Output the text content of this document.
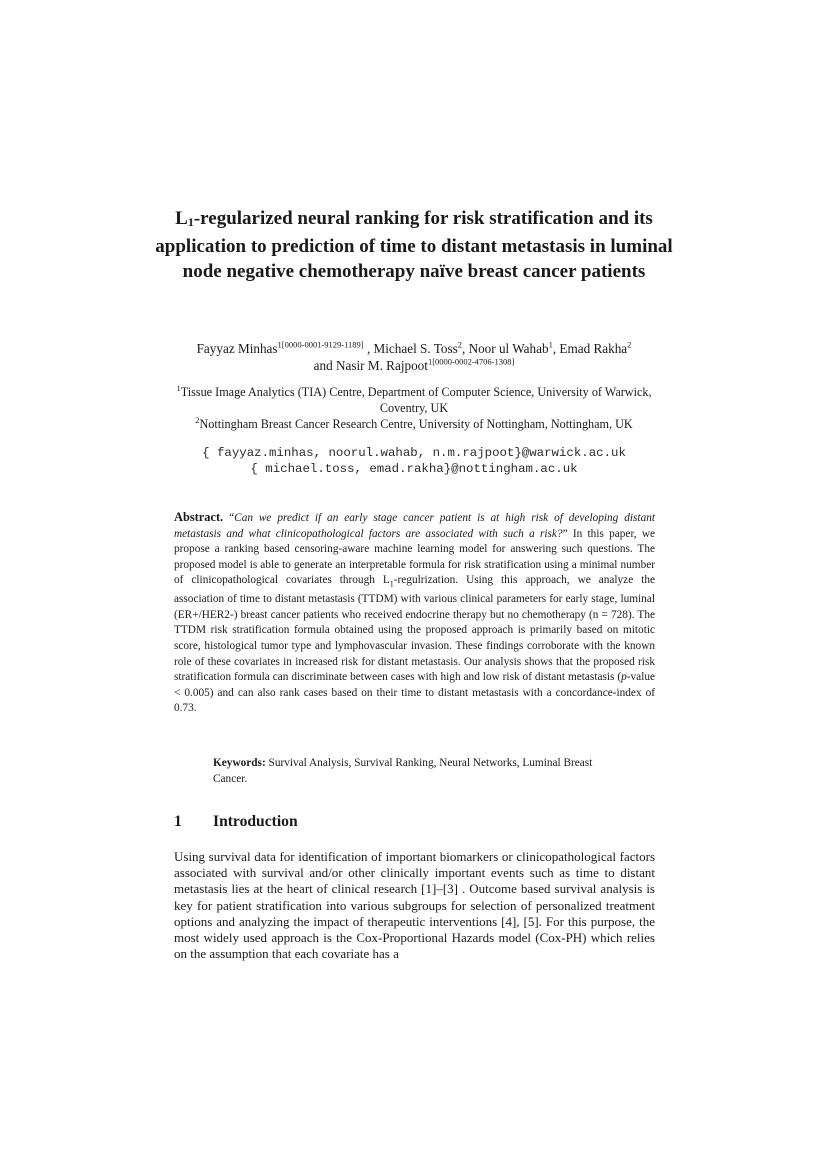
L1-regularized neural ranking for risk stratification and its application to prediction of time to distant metastasis in luminal node negative chemotherapy naïve breast cancer patients
Fayyaz Minhas$^{1[0000-0001-9129-1189]}$ , Michael S. Toss$^2$, Noor ul Wahab$^1$, Emad Rakha$^2$
and Nasir M. Rajpoot$^{1[0000-0002-4706-1308]}$
$^1$Tissue Image Analytics (TIA) Centre, Department of Computer Science, University of Warwick, Coventry, UK
$^2$Nottingham Breast Cancer Research Centre, University of Nottingham, Nottingham, UK
{ fayyaz.minhas, noorul.wahab, n.m.rajpoot}@warwick.ac.uk
{ michael.toss, emad.rakha}@nottingham.ac.uk
Abstract. “Can we predict if an early stage cancer patient is at high risk of developing distant metastasis and what clinicopathological factors are associated with such a risk?” In this paper, we propose a ranking based censoring-aware machine learning model for answering such questions. The proposed model is able to generate an interpretable formula for risk stratification using a minimal number of clinicopathological covariates through $L_1$-regulrization. Using this approach, we analyze the association of time to distant metastasis (TTDM) with various clinical parameters for early stage, luminal (ER+/HER2-) breast cancer patients who received endocrine therapy but no chemotherapy (n = 728). The TTDM risk stratification formula obtained using the proposed approach is primarily based on mitotic score, histological tumor type and lymphovascular invasion. These findings corroborate with the known role of these covariates in increased risk for distant metastasis. Our analysis shows that the proposed risk stratification formula can discriminate between cases with high and low risk of distant metastasis (p-value < 0.005) and can also rank cases based on their time to distant metastasis with a concordance-index of 0.73.
Keywords: Survival Analysis, Survival Ranking, Neural Networks, Luminal Breast Cancer.
1 Introduction
Using survival data for identification of important biomarkers or clinicopathological factors associated with survival and/or other clinically important events such as time to distant metastasis lies at the heart of clinical research [1]–[3] . Outcome based survival analysis is key for patient stratification into various subgroups for selection of personalized treatment options and analyzing the impact of therapeutic interventions [4], [5]. For this purpose, the most widely used approach is the Cox-Proportional Hazards model (Cox-PH) which relies on the assumption that each covariate has a
